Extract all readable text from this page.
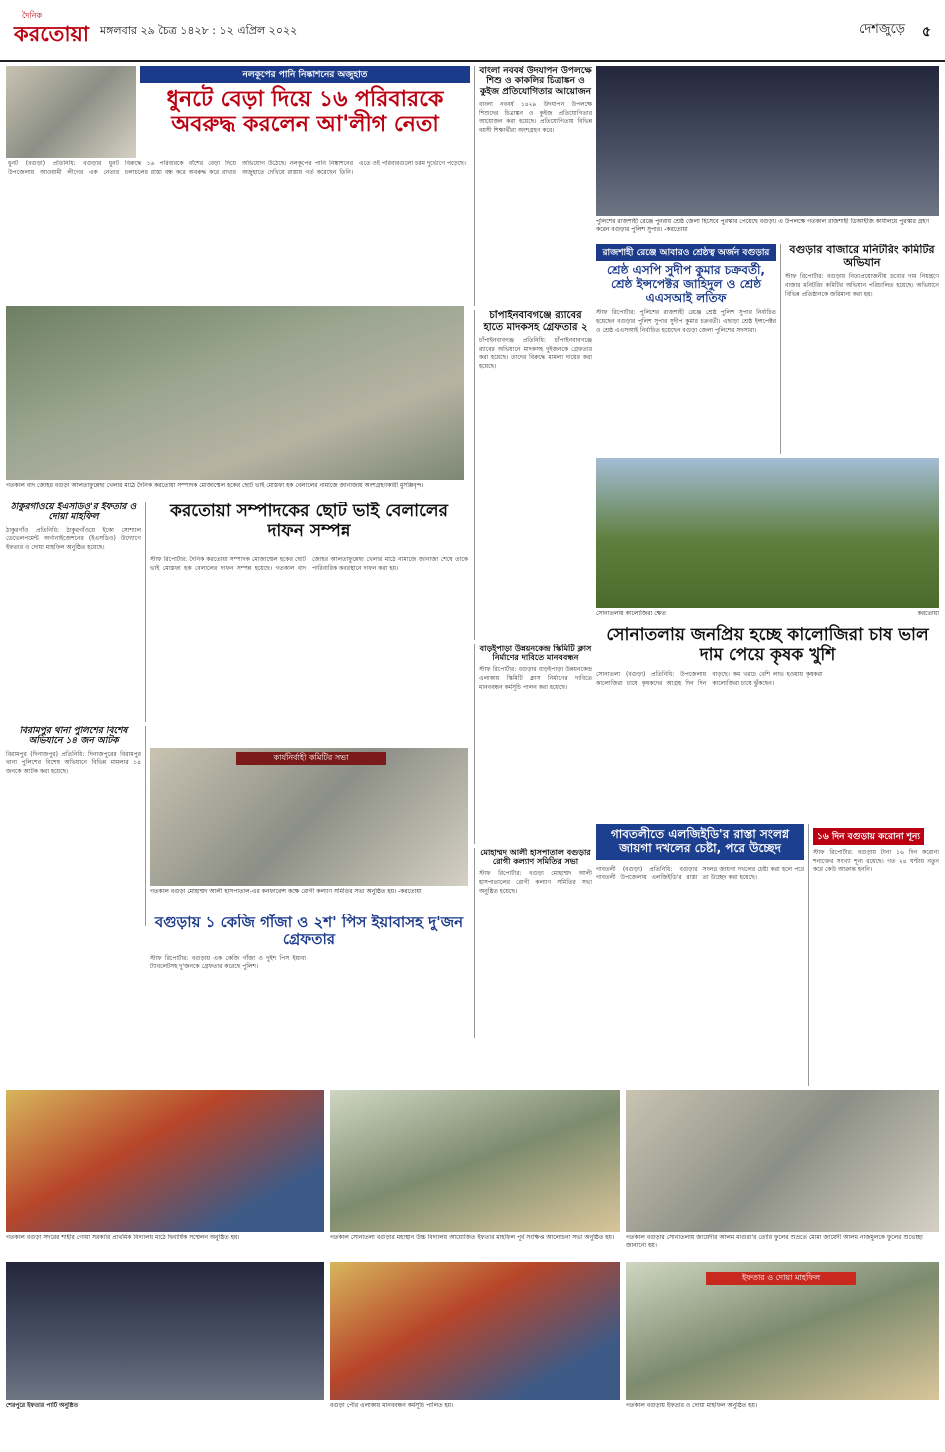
দৈনিক
করতোয়া মঙ্গলবার ২৯ চৈত্র ১৪২৮ : ১২ এপ্রিল ২০২২	দেশজুড়ে ৫
নলকূপের পানি নিষ্কাশনের অজুহাত
ধুনটে বেড়া দিয়ে ১৬ পরিবারকে অবরুদ্ধ করলেন আ'লীগ নেতা
ধুনট (বগুড়া) প্রতিনিধি: বগুড়ার ধুনট উপজেলায় আওয়ামী লীগের এক নেতার বিরুদ্ধে ১৬ পরিবারকে বাঁশের বেড়া দিয়ে চলাচলের রাস্তা বন্ধ করে অবরুদ্ধ করে রাখার অভিযোগ উঠেছে। নলকূপের পানি নিষ্কাশনের অজুহাতে দেখিয়ে রাস্তায় গর্ত করেছেন তিনি। এতে ওই পরিবারগুলো চরম দুর্ভোগে পড়েছে।
বাংলা নববর্ষ উদযাপন উপলক্ষে শিশু ও কাকলির চিত্রাঙ্কন ও কুইজ প্রতিযোগিতার আয়োজন
বাংলা নববর্ষ ১৪২৯ উদযাপন উপলক্ষে শিশুদের চিত্রাঙ্কন ও কুইজ প্রতিযোগিতার আয়োজন করা হয়েছে। প্রতিযোগিতায় বিভিন্ন বয়সী শিক্ষার্থীরা অংশগ্রহণ করে।
পুলিশের রাজশাহী রেঞ্জে পুনরায় শ্রেষ্ঠ জেলা হিসেবে পুরস্কার পেয়েছে বগুড়া। এ উপলক্ষে গতকাল রাজশাহী ডিআইজি কার্যালয়ে পুরস্কার গ্রহণ করেন বগুড়ার পুলিশ সুপার। -করতোয়া
রাজশাহী রেঞ্জে আবারও শ্রেষ্ঠত্ব অর্জন বগুড়ার
শ্রেষ্ঠ এসপি সুদীপ কুমার চক্রবর্তী, শ্রেষ্ঠ ইন্সপেক্টর জাহিদুল ও শ্রেষ্ঠ এএসআই লতিফ
স্টাফ রিপোর্টার: পুলিশের রাজশাহী রেঞ্জে শ্রেষ্ঠ পুলিশ সুপার নির্বাচিত হয়েছেন বগুড়ার পুলিশ সুপার সুদীপ কুমার চক্রবর্তী। এছাড়া শ্রেষ্ঠ ইন্সপেক্টর ও শ্রেষ্ঠ এএসআই নির্বাচিত হয়েছেন বগুড়া জেলা পুলিশের সদস্যরা।
বগুড়ার বাজারে মনিটরিং কমিটির অভিযান
স্টাফ রিপোর্টার: বগুড়ায় নিত্যপ্রয়োজনীয় দ্রব্যের দাম নিয়ন্ত্রণে বাজার মনিটরিং কমিটির অভিযান পরিচালিত হয়েছে। অভিযানে বিভিন্ন প্রতিষ্ঠানকে জরিমানা করা হয়।
গতকাল বাদ জোহর বগুড়া আলতাফুন্নেছা খেলার মাঠে দৈনিক করতোয়া সম্পাদক মোজাম্মেল হকের ছোট ভাই মোস্তফা হক বেলালের নামাজে জানাজায় অংশগ্রহণকারী মুসল্লিবৃন্দ।
চাঁপাইনবাবগঞ্জে র‍্যাবের হাতে মাদকসহ গ্রেফতার ২
চাঁপাইনবাবগঞ্জ প্রতিনিধি: চাঁপাইনবাবগঞ্জে র‍্যাবের অভিযানে মাদকসহ দুইজনকে গ্রেফতার করা হয়েছে। তাদের বিরুদ্ধে মামলা দায়ের করা হয়েছে।
সোনাতলায় কালোজিরা ক্ষেত	করতোয়া
ঠাকুরগাঁওয়ে ইএসডিও'র ইফতার ও দোয়া মাহফিল
ঠাকুরগাঁও প্রতিনিধি: ঠাকুরগাঁওয়ে ইকো সোশ্যাল ডেভেলপমেন্ট অর্গানাইজেশনের (ইএসডিও) উদ্যোগে ইফতার ও দোয়া মাহফিল অনুষ্ঠিত হয়েছে।
করতোয়া সম্পাদকের ছোট ভাই বেলালের দাফন সম্পন্ন
স্টাফ রিপোর্টার: দৈনিক করতোয়া সম্পাদক মোজাম্মেল হকের ছোট ভাই মোস্তফা হক বেলালের দাফন সম্পন্ন হয়েছে। গতকাল বাদ জোহর আলতাফুন্নেছা খেলার মাঠে নামাজে জানাজা শেষে তাকে পারিবারিক কবরস্থানে দাফন করা হয়।
বাড়ইপাড়া উন্নয়নকেন্দ্র স্কিমিটি ক্লাস নির্মাণের দাবিতে মানববন্ধন
স্টাফ রিপোর্টার: বগুড়ার বাড়ইপাড়া উন্নয়নকেন্দ্র এলাকায় স্কিমিটি ক্লাস নির্মাণের দাবিতে মানববন্ধন কর্মসূচি পালন করা হয়েছে।
সোনাতলায় জনপ্রিয় হচ্ছে কালোজিরা চাষ ভাল দাম পেয়ে কৃষক খুশি
সোনাতলা (বগুড়া) প্রতিনিধি: উপজেলায় কালোজিরা চাষে কৃষকদের আগ্রহ দিন দিন বাড়ছে। কম খরচে বেশি লাভ হওয়ায় কৃষকরা কালোজিরা চাষে ঝুঁকছেন।
বিরামপুর থানা পুলিশের বিশেষ অভিযানে ১৪ জন আটক
বিরামপুর (দিনাজপুর) প্রতিনিধি: দিনাজপুরের বিরামপুর থানা পুলিশের বিশেষ অভিযানে বিভিন্ন মামলার ১৪ জনকে আটক করা হয়েছে।
কার্যনির্বাহী কমিটির সভা
গতকাল বগুড়া মোহাম্মদ আলী হাসপাতাল-এর কনফারেন্স কক্ষে রোগী কল্যাণ সমিতির সভা অনুষ্ঠিত হয়। -করতোয়া
মোহাম্মদ আলী হাসপাতাল বগুড়ার রোগী কল্যাণ সমিতির সভা
স্টাফ রিপোর্টার: বগুড়া মোহাম্মদ আলী হাসপাতালের রোগী কল্যাণ সমিতির সভা অনুষ্ঠিত হয়েছে।
গাবতলীতে এলজিইডি'র রাস্তা সংলগ্ন জায়গা দখলের চেষ্টা, পরে উচ্ছেদ
গাবতলী (বগুড়া) প্রতিনিধি: বগুড়ার গাবতলী উপজেলায় এলজিইডি'র রাস্তা সংলগ্ন জায়গা দখলের চেষ্টা করা হলে পরে তা উচ্ছেদ করা হয়েছে।
১৬ দিন বগুড়ায় করোনা শূন্য
স্টাফ রিপোর্টার: বগুড়ায় টানা ১৬ দিন করোনা শনাক্তের সংখ্যা শূন্য রয়েছে। গত ২৪ ঘণ্টায় নতুন করে কেউ আক্রান্ত হননি।
বগুড়ায় ১ কেজি গাঁজা ও ২শ' পিস ইয়াবাসহ দু'জন গ্রেফতার
স্টাফ রিপোর্টার: বগুড়ায় এক কেজি গাঁজা ও দুইশ পিস ইয়াবা ট্যাবলেটসহ দু'জনকে গ্রেফতার করেছে পুলিশ।
গতকাল বগুড়া সদরের শাহীর গোয়া সরকারি প্রাথমিক বিদ্যালয় মাঠে দ্বিবার্ষিক সম্মেলন অনুষ্ঠিত হয়।	গতকাল সোনাতলা বগুড়ার মহাস্থান উচ্চ বিদ্যালয় আয়োজিত ইফতার মাহফিল পূর্ব সংক্ষিপ্ত আলোচনা সভা অনুষ্ঠিত হয়।	গতকাল বগুড়ার সোনাতলায় জায়েদীর আলম মাগুরা'র তোরি ফুলের শুভ্রতে মোমা জায়েদী আলম নাজমুলকে ফুলের শুভেচ্ছা জানানো হয়।
শেরপুরে ইফতার পার্টি অনুষ্ঠিত	বগুড়া পৌর এলাকায় মানববন্ধন কর্মসূচি পালিত হয়।
ইফতার ও দোয়া মাহফিল
গতকাল বগুড়ায় ইফতার ও দোয়া মাহফিল অনুষ্ঠিত হয়।
